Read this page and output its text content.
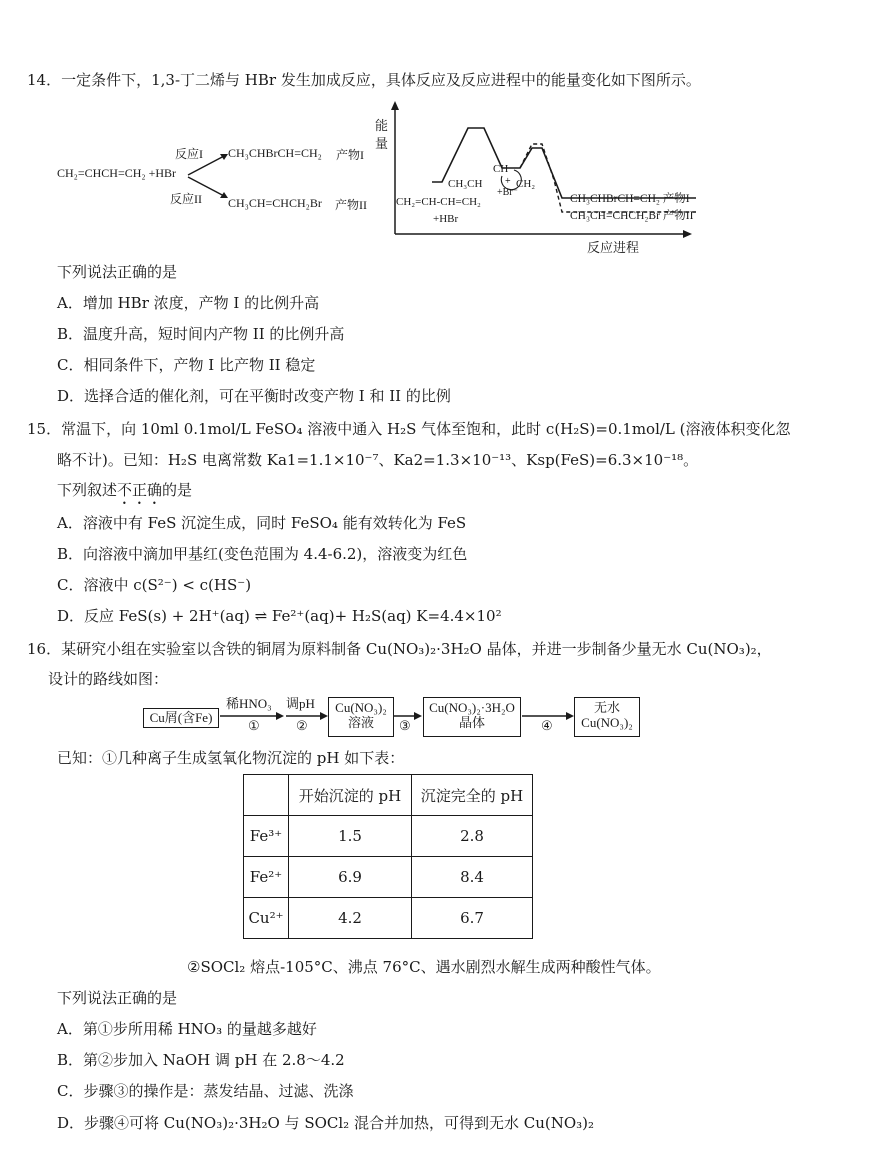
14．一定条件下，1,3-丁二烯与 HBr 发生加成反应，具体反应及反应进程中的能量变化如下图所示。
CH₂=CHCH=CH₂ +HBr
反应I
反应II
CH₃CHBrCH=CH₂ 产物I
CH₃CH=CHCH₂Br 产物II
+
能量
反应进程
CH₂=CH-CH=CH₂
+HBr
CH₃CH
CH
CH₂
+Br⁻
CH₃CHBrCH=CH₂ 产物I
CH₃CH=CHCH₂Br 产物II
下列说法正确的是
A．增加 HBr 浓度，产物 I 的比例升高
B．温度升高，短时间内产物 II 的比例升高
C．相同条件下，产物 I 比产物 II 稳定
D．选择合适的催化剂，可在平衡时改变产物 I 和 II 的比例
15．常温下，向 10ml 0.1mol/L FeSO₄ 溶液中通入 H₂S 气体至饱和，此时 c(H₂S)=0.1mol/L (溶液体积变化忽
略不计)。已知：H₂S 电离常数 Ka1=1.1×10⁻⁷、Ka2=1.3×10⁻¹³、Ksp(FeS)=6.3×10⁻¹⁸。
下列叙述不正确的是
A．溶液中有 FeS 沉淀生成，同时 FeSO₄ 能有效转化为 FeS
B．向溶液中滴加甲基红(变色范围为 4.4-6.2)，溶液变为红色
C．溶液中 c(S²⁻) < c(HS⁻)
D．反应 FeS(s) + 2H⁺(aq) ⇌ Fe²⁺(aq)+ H₂S(aq) K=4.4×10²
16．某研究小组在实验室以含铁的铜屑为原料制备 Cu(NO₃)₂·3H₂O 晶体，并进一步制备少量无水 Cu(NO₃)₂，
设计的路线如图：
Cu屑(含Fe)
Cu(NO₃)₂
溶液
Cu(NO₃)₂·3H₂O
晶体
无水
Cu(NO₃)₂
稀HNO₃
①
调pH
②	③	④
已知：①几种离子生成氢氧化物沉淀的 pH 如下表：
	开始沉淀的 pH	沉淀完全的 pH
Fe³⁺	1.5	2.8
Fe²⁺	6.9	8.4
Cu²⁺	4.2	6.7
②SOCl₂ 熔点-105°C、沸点 76°C、遇水剧烈水解生成两种酸性气体。
下列说法正确的是
A．第①步所用稀 HNO₃ 的量越多越好
B．第②步加入 NaOH 调 pH 在 2.8～4.2
C．步骤③的操作是：蒸发结晶、过滤、洗涤
D．步骤④可将 Cu(NO₃)₂·3H₂O 与 SOCl₂ 混合并加热，可得到无水 Cu(NO₃)₂
